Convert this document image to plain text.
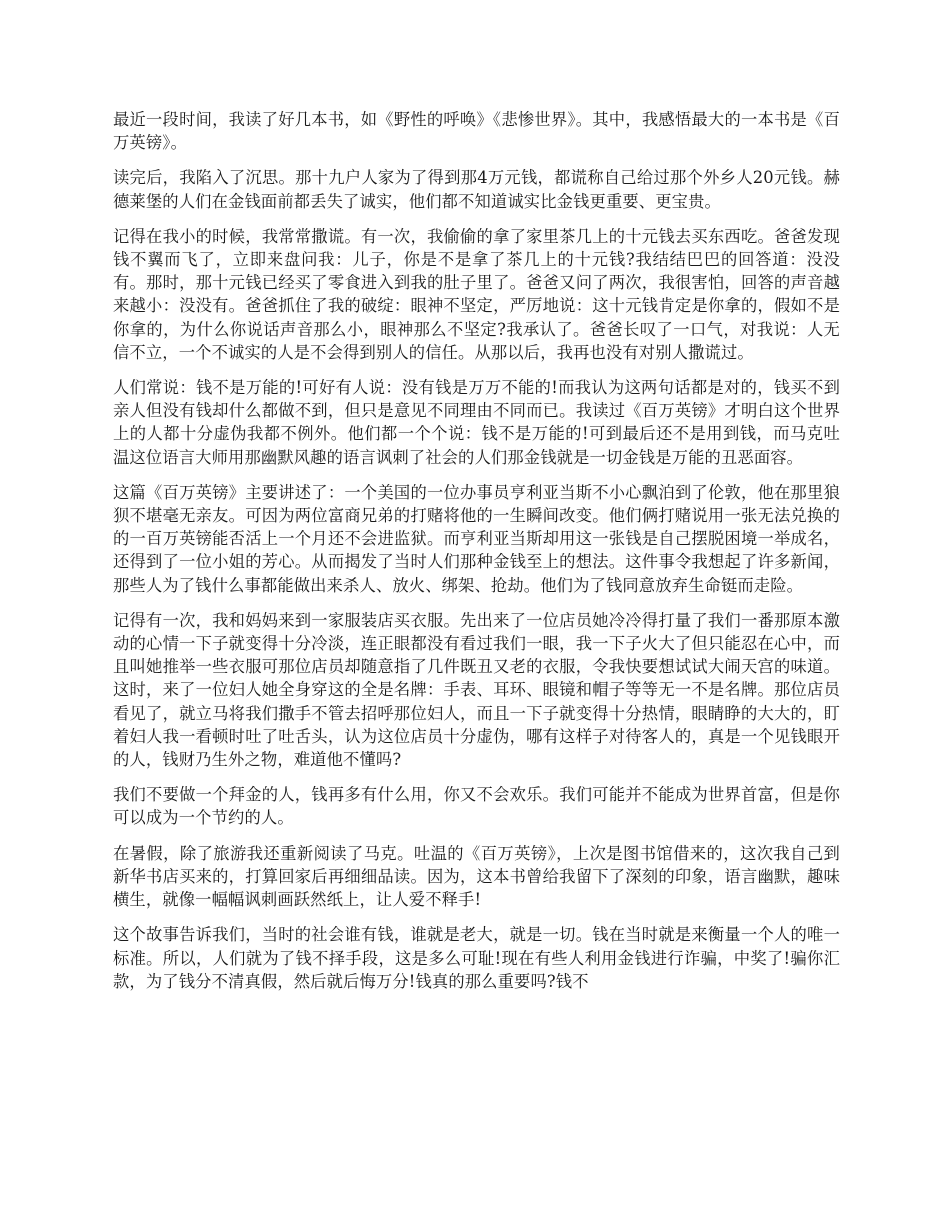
最近一段时间，我读了好几本书，如《野性的呼唤》《悲惨世界》。其中，我感悟最大的一本书是《百万英镑》。

读完后，我陷入了沉思。那十九户人家为了得到那4万元钱，都谎称自己给过那个外乡人20元钱。赫德莱堡的人们在金钱面前都丢失了诚实，他们都不知道诚实比金钱更重要、更宝贵。

记得在我小的时候，我常常撒谎。有一次，我偷偷的拿了家里茶几上的十元钱去买东西吃。爸爸发现钱不翼而飞了，立即来盘问我：儿子，你是不是拿了茶几上的十元钱?我结结巴巴的回答道：没没有。那时，那十元钱已经买了零食进入到我的肚子里了。爸爸又问了两次，我很害怕，回答的声音越来越小：没没有。爸爸抓住了我的破绽：眼神不坚定，严厉地说：这十元钱肯定是你拿的，假如不是你拿的，为什么你说话声音那么小，眼神那么不坚定?我承认了。爸爸长叹了一口气，对我说：人无信不立，一个不诚实的人是不会得到别人的信任。从那以后，我再也没有对别人撒谎过。

人们常说：钱不是万能的!可好有人说：没有钱是万万不能的!而我认为这两句话都是对的，钱买不到亲人但没有钱却什么都做不到，但只是意见不同理由不同而已。我读过《百万英镑》才明白这个世界上的人都十分虚伪我都不例外。他们都一个个说：钱不是万能的!可到最后还不是用到钱，而马克吐温这位语言大师用那幽默风趣的语言讽刺了社会的人们那金钱就是一切金钱是万能的丑恶面容。

这篇《百万英镑》主要讲述了：一个美国的一位办事员亨利亚当斯不小心飘泊到了伦敦，他在那里狼狈不堪毫无亲友。可因为两位富商兄弟的打赌将他的一生瞬间改变。他们俩打赌说用一张无法兑换的的一百万英镑能否活上一个月还不会进监狱。而亨利亚当斯却用这一张钱是自己摆脱困境一举成名，还得到了一位小姐的芳心。从而揭发了当时人们那种金钱至上的想法。这件事令我想起了许多新闻，那些人为了钱什么事都能做出来杀人、放火、绑架、抢劫。他们为了钱同意放弃生命铤而走险。

记得有一次，我和妈妈来到一家服装店买衣服。先出来了一位店员她冷冷得打量了我们一番那原本激动的心情一下子就变得十分冷淡，连正眼都没有看过我们一眼，我一下子火大了但只能忍在心中，而且叫她推举一些衣服可那位店员却随意指了几件既丑又老的衣服，令我快要想试试大闹天宫的味道。这时，来了一位妇人她全身穿这的全是名牌：手表、耳环、眼镜和帽子等等无一不是名牌。那位店员看见了，就立马将我们撒手不管去招呼那位妇人，而且一下子就变得十分热情，眼睛睁的大大的，盯着妇人我一看顿时吐了吐舌头，认为这位店员十分虚伪，哪有这样子对待客人的，真是一个见钱眼开的人，钱财乃生外之物，难道他不懂吗?

我们不要做一个拜金的人，钱再多有什么用，你又不会欢乐。我们可能并不能成为世界首富，但是你可以成为一个节约的人。

在暑假，除了旅游我还重新阅读了马克。吐温的《百万英镑》，上次是图书馆借来的，这次我自己到新华书店买来的，打算回家后再细细品读。因为，这本书曾给我留下了深刻的印象，语言幽默，趣味横生，就像一幅幅讽刺画跃然纸上，让人爱不释手!

这个故事告诉我们，当时的社会谁有钱，谁就是老大，就是一切。钱在当时就是来衡量一个人的唯一标准。所以，人们就为了钱不择手段，这是多么可耻!现在有些人利用金钱进行诈骗，中奖了!骗你汇款，为了钱分不清真假，然后就后悔万分!钱真的那么重要吗?钱不
